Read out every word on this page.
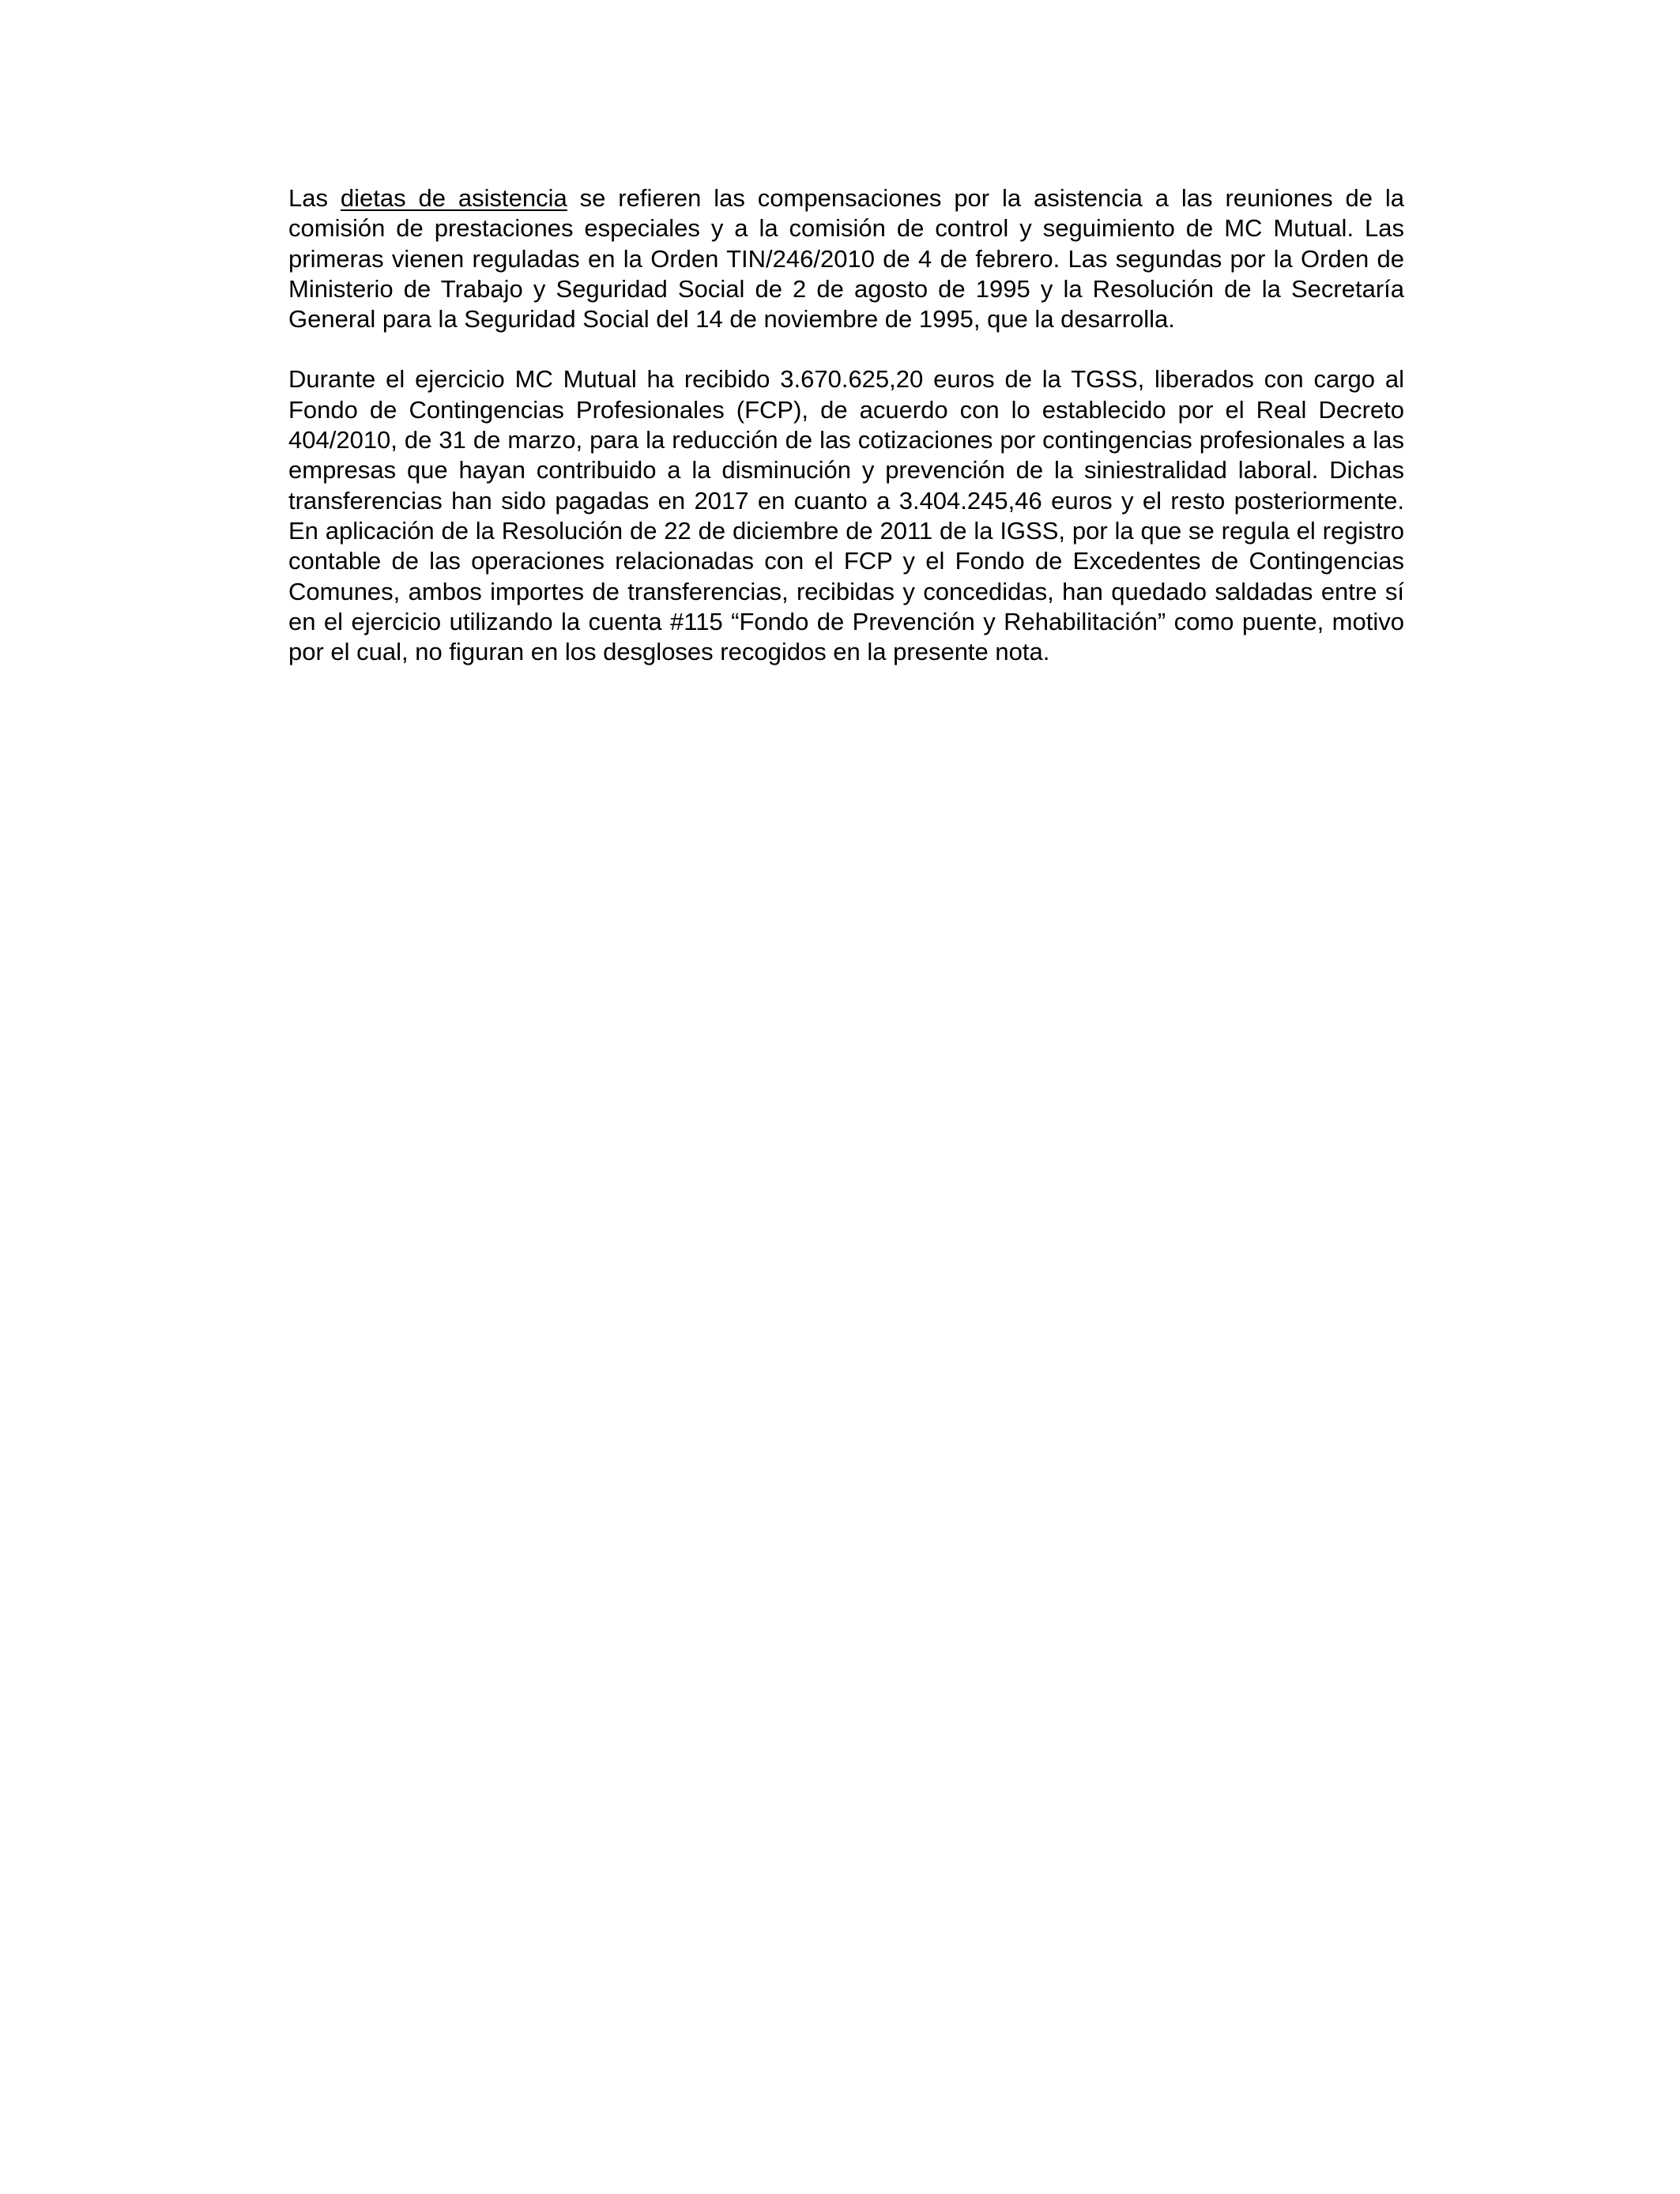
Las dietas de asistencia se refieren las compensaciones por la asistencia a las reuniones de la comisión de prestaciones especiales y a la comisión de control y seguimiento de MC Mutual. Las primeras vienen reguladas en la Orden TIN/246/2010 de 4 de febrero. Las segundas por la Orden de Ministerio de Trabajo y Seguridad Social de 2 de agosto de 1995 y la Resolución de la Secretaría General para la Seguridad Social del 14 de noviembre de 1995, que la desarrolla.

Durante el ejercicio MC Mutual ha recibido 3.670.625,20 euros de la TGSS, liberados con cargo al Fondo de Contingencias Profesionales (FCP), de acuerdo con lo establecido por el Real Decreto 404/2010, de 31 de marzo, para la reducción de las cotizaciones por contingencias profesionales a las empresas que hayan contribuido a la disminución y prevención de la siniestralidad laboral. Dichas transferencias han sido pagadas en 2017 en cuanto a 3.404.245,46 euros y el resto posteriormente. En aplicación de la Resolución de 22 de diciembre de 2011 de la IGSS, por la que se regula el registro contable de las operaciones relacionadas con el FCP y el Fondo de Excedentes de Contingencias Comunes, ambos importes de transferencias, recibidas y concedidas, han quedado saldadas entre sí en el ejercicio utilizando la cuenta #115 “Fondo de Prevención y Rehabilitación” como puente, motivo por el cual, no figuran en los desgloses recogidos en la presente nota.
